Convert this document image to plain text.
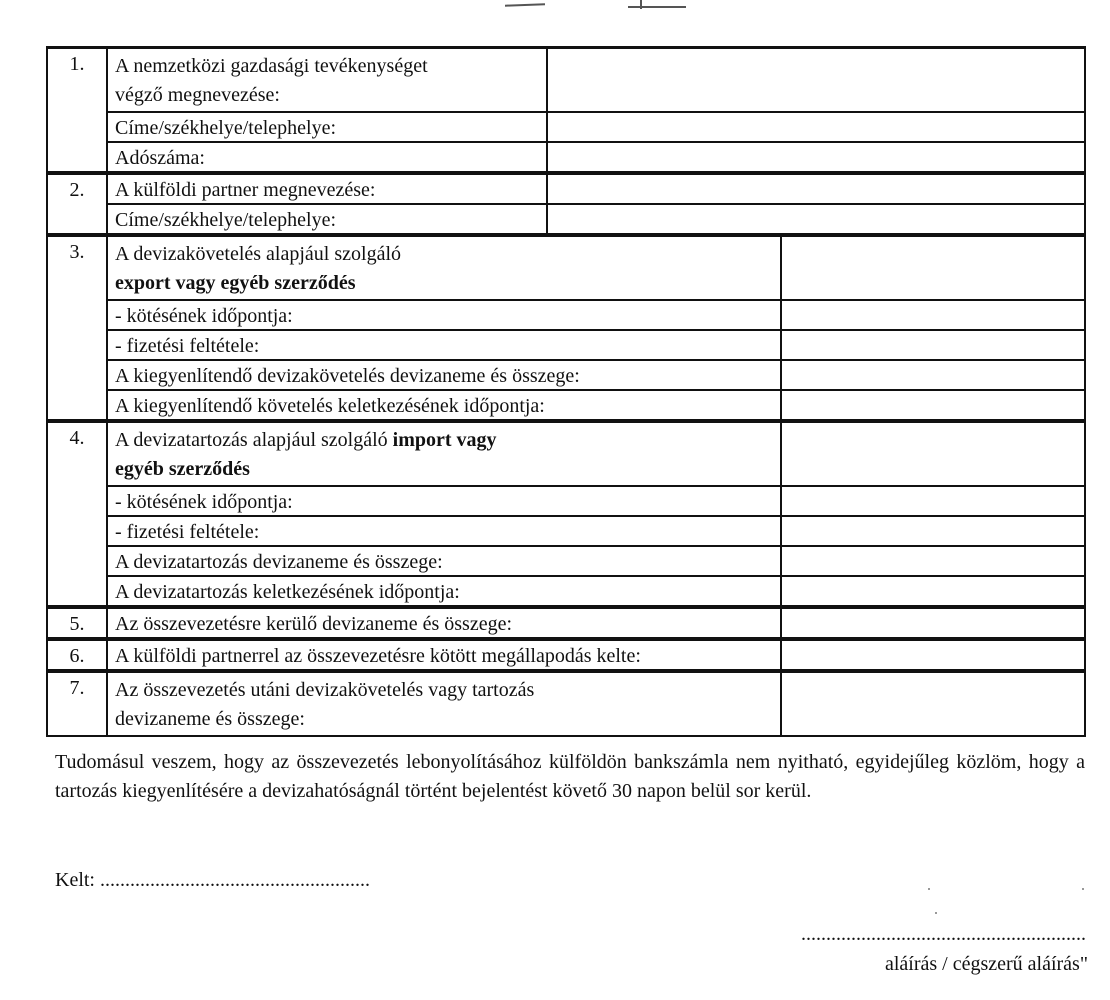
1.	A nemzetközi gazdasági tevékenységet
végző megnevezése:		
	Címe/székhelye/telephelye:		
	Adószáma:		
2.	A külföldi partner megnevezése:		
	Címe/székhelye/telephelye:		
3.	A devizakövetelés alapjául szolgáló
export vagy egyéb szerződés		
	- kötésének időpontja:		
	- fizetési feltétele:		
	A kiegyenlítendő devizakövetelés devizaneme és összege:		
	A kiegyenlítendő követelés keletkezésének időpontja:		
4.	A devizatartozás alapjául szolgáló import vagy
egyéb szerződés		
	- kötésének időpontja:		
	- fizetési feltétele:		
	A devizatartozás devizaneme és összege:		
	A devizatartozás keletkezésének időpontja:		
5.	Az összevezetésre kerülő devizaneme és összege:		
6.	A külföldi partnerrel az összevezetésre kötött megállapodás kelte:		
7.	Az összevezetés utáni devizakövetelés vagy tartozás
devizaneme és összege:		

Tudomásul veszem, hogy az összevezetés lebonyolításához külföldön bankszámla nem nyitható, egyidejűleg közlöm, hogy a tartozás kiegyenlítésére a devizahatóságnál történt bejelentést követő 30 napon belül sor kerül.

Kelt: ......................................................
.........................................................
aláírás / cégszerű aláírás"
